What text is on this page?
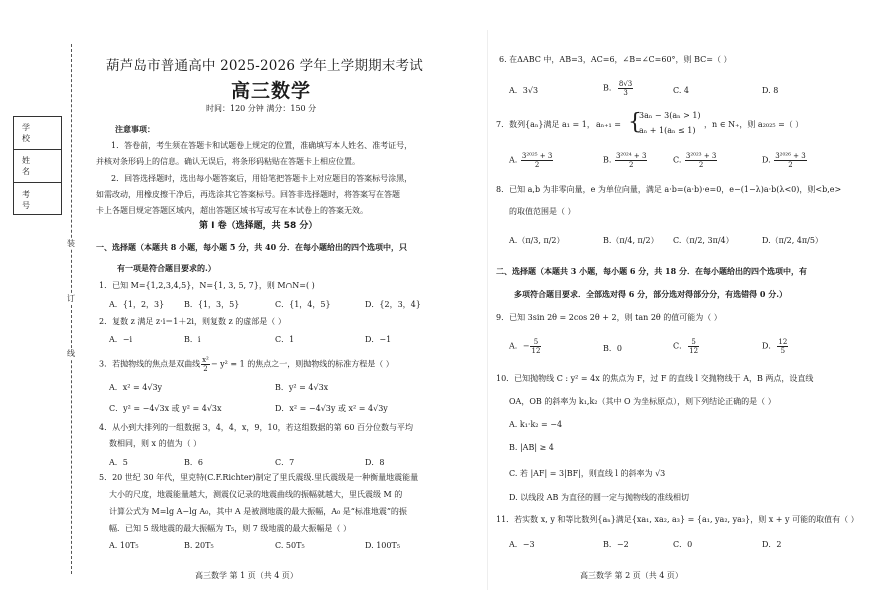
学 校
姓 名
考 号
装
订
线
葫芦岛市普通高中 2025-2026 学年上学期期末考试
高三数学
时间：120 分钟 满分：150 分
注意事项：
1．答卷前，考生须在答题卡和试题卷上规定的位置，准确填写本人姓名、准考证号，
并核对条形码上的信息。确认无误后，将条形码粘贴在答题卡上相应位置。
2．回答选择题时，选出每小题答案后，用铅笔把答题卡上对应题目的答案标号涂黑，
如需改动，用橡皮擦干净后，再选涂其它答案标号。回答非选择题时，将答案写在答题
卡上各题目规定答题区域内，超出答题区域书写或写在本试卷上的答案无效。
第 Ⅰ 卷（选择题，共 58 分）
一、选择题（本题共 8 小题，每小题 5 分，共 40 分．在每小题给出的四个选项中，只
有一项是符合题目要求的.）
1．已知 M={1,2,3,4,5}，N={1, 3, 5, 7}，则 M∩N=( )
A．{1，2，3} B．{1，3，5}	C．{1，4，5}	D．{2，3，4}
2．复数 z 满足 z·i＝1＋2i，则复数 z 的虚部是（ ）
A．−i	B．i	C．1	D．−1
3．若抛物线的焦点是双曲线 $\frac{\text{x²}}{2} - y^2 = 1$ 的焦点之一，则抛物线的标准方程是（ ）
A．x² = 4√3y	B．y² = 4√3x
C．y² = −4√3x 或 y² = 4√3x	D．x² = −4√3y 或 x² = 4√3y
4．从小到大排列的一组数据 3，4，4，x，9，10，若这组数据的第 60 百分位数与平均
数相同，则 x 的值为（ ）
A．5	B．6	C．7	D．8
5．20 世纪 30 年代，里克特(C.F.Richter)制定了里氏震级.里氏震级是一种衡量地震能量
大小的尺度，地震能量越大，测震仪记录的地震曲线的振幅就越大，里氏震级 M 的
计算公式为 M=lg A−lg A₀，其中 A 是被测地震的最大振幅，A₀ 是“标准地震”的振
幅．已知 5 级地震的最大振幅为 T₅，则 7 级地震的最大振幅是（ ）
A. 10T₅	B. 20T₅	C. 50T₅	D. 100T₅
高三数学 第 1 页（共 4 页）
6. 在ΔABC 中，AB=3，AC=6，∠B=∠C=60°，则 BC=（ ）
A．3√3	B． $\frac{8√3}{3}$	C. 4	D. 8
7．数列{aₙ}满足 a₁ = 1， aₙ₊₁ = {
3aₙ − 3(aₙ > 1)
aₙ + 1(aₙ ≤ 1)
，n ∈ N₊，则 a₂₀₂₅ =（ ）
A. $\frac{\text{3²⁰²⁵ + 3}}{2}$	B. $\frac{\text{3²⁰²⁴ + 3}}{2}$	C. $\frac{\text{3²⁰²³ + 3}}{2}$	D. $\frac{\text{3²⁰²⁶ + 3}}{2}$
8．已知 a,b 为非零向量，e 为单位向量，满足 a·b=(a·b)·e=0，e−(1−λ)a·b(λ<0)，则<b,e>
的取值范围是（ ）
A.（π/3, π/2）	B.（π/4, π/2） C.（π/2, 3π/4）	D.（π/2, 4π/5）
二、选择题（本题共 3 小题，每小题 6 分，共 18 分．在每小题给出的四个选项中，有
多项符合题目要求．全部选对得 6 分，部分选对得部分分，有选错得 0 分.）
9．已知 3sin 2θ = 2cos 2θ + 2，则 tan 2θ 的值可能为（ ）
A．− $\frac{5}{12}$	B．0	C． $\frac{5}{12}$	D． $\frac{12}{5}$
10．已知抛物线 C : y² = 4x 的焦点为 F，过 F 的直线 l 交抛物线于 A，B 两点，设直线
OA，OB 的斜率为 k₁,k₂（其中 O 为坐标原点），则下列结论正确的是（ ）
A. k₁·k₂ = −4
B. |AB| ≥ 4
C. 若 |AF| = 3|BF|，则直线 l 的斜率为 √3
D. 以线段 AB 为直径的圆一定与抛物线的准线相切
11．若实数 x, y 和等比数列{aₙ}满足{xa₁, xa₂, a₃} = {a₁, ya₂, ya₃}，则 x + y 可能的取值有（ ）
A．−3	B．−2	C．0	D．2
高三数学 第 2 页（共 4 页）
